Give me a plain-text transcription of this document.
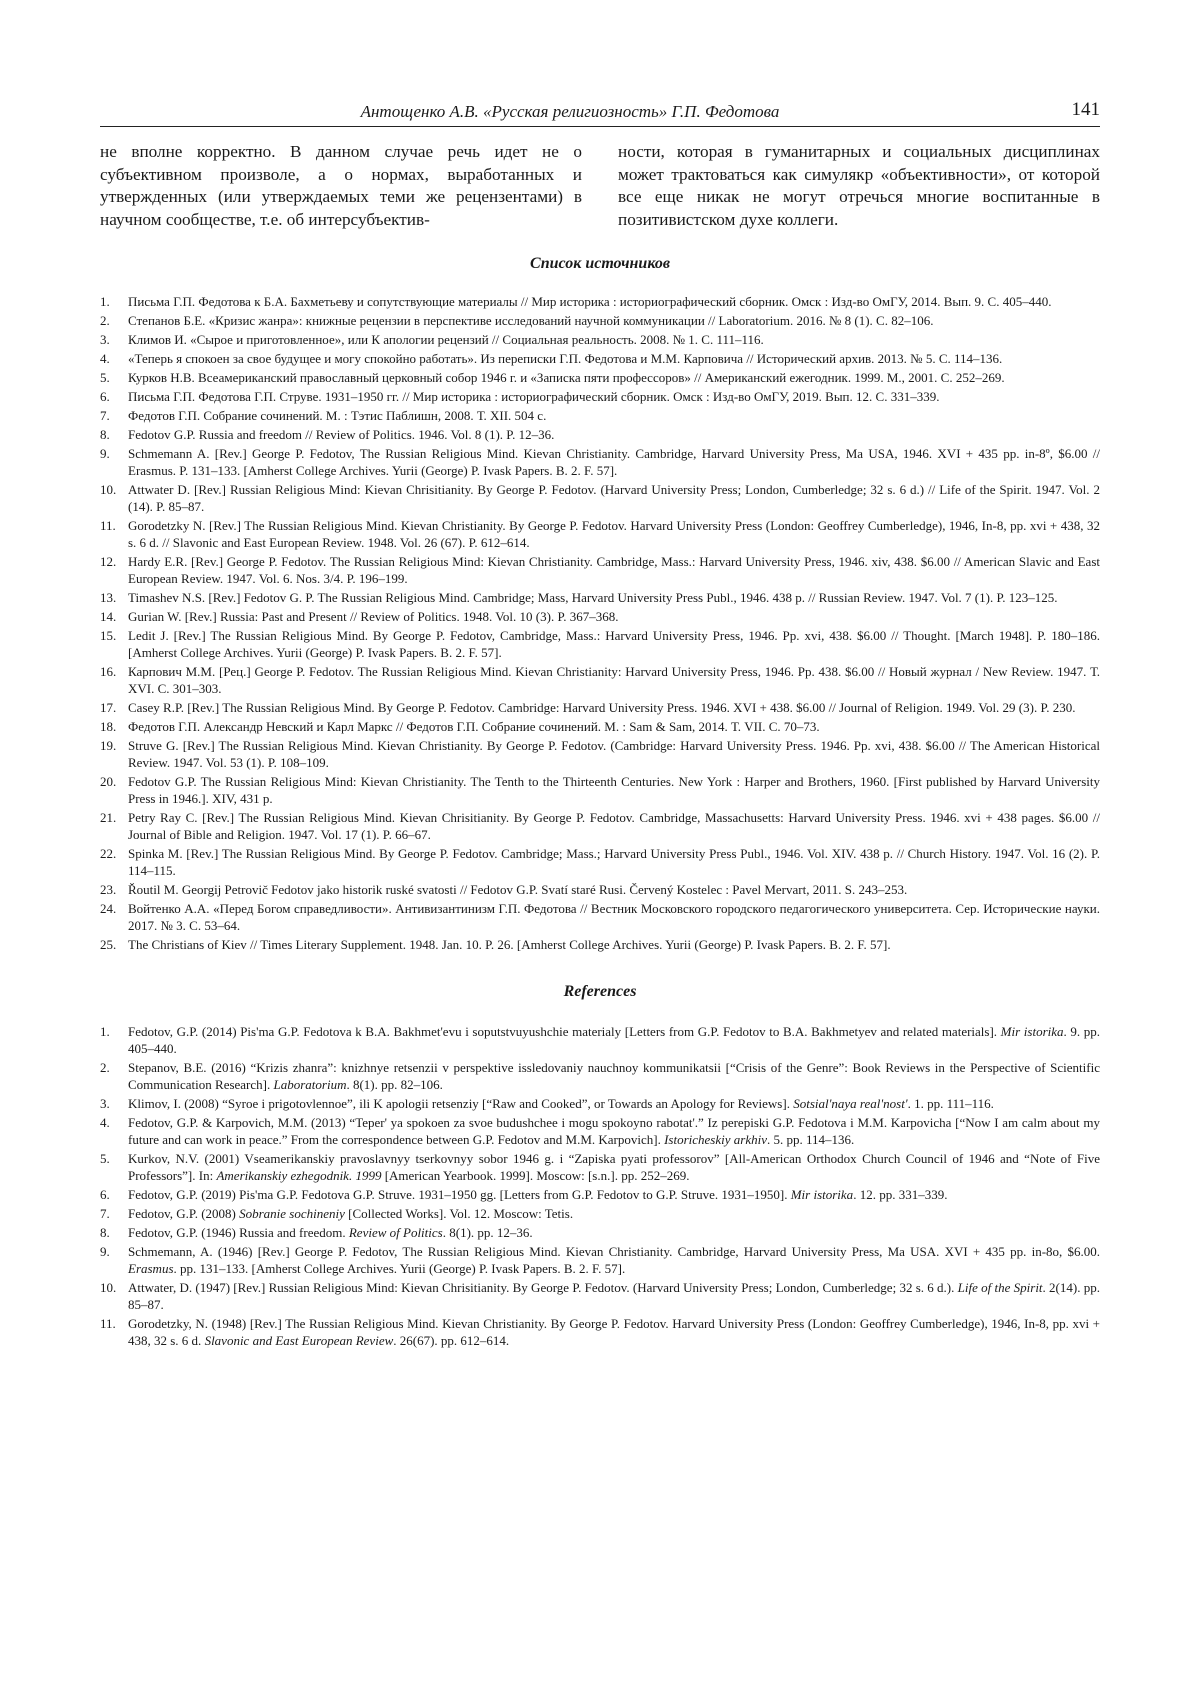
Антощенко А.В. «Русская религиозность» Г.П. Федотова	141

не вполне корректно. В данном случае речь идет не о субъективном произволе, а о нормах, выработанных и утвержденных (или утверждаемых теми же рецензентами) в научном сообществе, т.е. об интерсубъектив-

ности, которая в гуманитарных и социальных дисциплинах может трактоваться как симулякр «объективности», от которой все еще никак не могут отречься многие воспитанные в позитивистском духе коллеги.

Список источников
1.	Письма Г.П. Федотова к Б.А. Бахметьеву и сопутствующие материалы // Мир историка : историографический сборник. Омск : Изд-во ОмГУ, 2014. Вып. 9. С. 405–440.
2.	Степанов Б.Е. «Кризис жанра»: книжные рецензии в перспективе исследований научной коммуникации // Laboratorium. 2016. № 8 (1). С. 82–106.
3.	Климов И. «Сырое и приготовленное», или К апологии рецензий // Социальная реальность. 2008. № 1. С. 111–116.
4.	«Теперь я спокоен за свое будущее и могу спокойно работать». Из переписки Г.П. Федотова и М.М. Карповича // Исторический архив. 2013. № 5. С. 114–136.
5.	Курков Н.В. Всеамериканский православный церковный собор 1946 г. и «Записка пяти профессоров» // Американский ежегодник. 1999. М., 2001. С. 252–269.
6.	Письма Г.П. Федотова Г.П. Струве. 1931–1950 гг. // Мир историка : историографический сборник. Омск : Изд-во ОмГУ, 2019. Вып. 12. С. 331–339.
7.	Федотов Г.П. Собрание сочинений. М. : Тэтис Паблишн, 2008. Т. XII. 504 с.
8.	Fedotov G.P. Russia and freedom // Review of Politics. 1946. Vol. 8 (1). P. 12–36.
9.	Schmemann A. [Rev.] George P. Fedotov, The Russian Religious Mind. Kievan Christianity. Cambridge, Harvard University Press, Ma USA, 1946. XVI + 435 pp. in-8º, $6.00 // Erasmus. P. 131–133. [Amherst College Archives. Yurii (George) P. Ivask Papers. B. 2. F. 57].
10. Attwater D. [Rev.] Russian Religious Mind: Kievan Chrisitianity. By George P. Fedotov. (Harvard University Press; London, Cumberledge; 32 s. 6 d.) // Life of the Spirit. 1947. Vol. 2 (14). P. 85–87.
11. Gorodetzky N. [Rev.] The Russian Religious Mind. Kievan Christianity. By George P. Fedotov. Harvard University Press (London: Geoffrey Cumberledge), 1946, In-8, pp. xvi + 438, 32 s. 6 d. // Slavonic and East European Review. 1948. Vol. 26 (67). P. 612–614.
12. Hardy E.R. [Rev.] George P. Fedotov. The Russian Religious Mind: Kievan Christianity. Cambridge, Mass.: Harvard University Press, 1946. xiv, 438. $6.00 // American Slavic and East European Review. 1947. Vol. 6. Nos. 3/4. P. 196–199.
13. Timashev N.S. [Rev.] Fedotov G. P. The Russian Religious Mind. Cambridge; Mass, Harvard University Press Publ., 1946. 438 p. // Russian Review. 1947. Vol. 7 (1). P. 123–125.
14. Gurian W. [Rev.] Russia: Past and Present // Review of Politics. 1948. Vol. 10 (3). P. 367–368.
15. Ledit J. [Rev.] The Russian Religious Mind. By George P. Fedotov, Cambridge, Mass.: Harvard University Press, 1946. Pp. xvi, 438. $6.00 // Thought. [March 1948]. P. 180–186. [Amherst College Archives. Yurii (George) P. Ivask Papers. B. 2. F. 57].
16. Карпович М.М. [Рец.] George P. Fedotov. The Russian Religious Mind. Kievan Christianity: Harvard University Press, 1946. Pp. 438. $6.00 // Новый журнал / New Review. 1947. Т. XVI. С. 301–303.
17. Casey R.P. [Rev.] The Russian Religious Mind. By George P. Fedotov. Cambridge: Harvard University Press. 1946. XVI + 438. $6.00 // Journal of Religion. 1949. Vol. 29 (3). P. 230.
18. Федотов Г.П. Александр Невский и Карл Маркс // Федотов Г.П. Собрание сочинений. М. : Sam & Sam, 2014. Т. VII. С. 70–73.
19. Struve G. [Rev.] The Russian Religious Mind. Kievan Christianity. By George P. Fedotov. (Cambridge: Harvard University Press. 1946. Pp. xvi, 438. $6.00 // The American Historical Review. 1947. Vol. 53 (1). P. 108–109.
20. Fedotov G.P. The Russian Religious Mind: Kievan Christianity. The Tenth to the Thirteenth Centuries. New York : Harper and Brothers, 1960. [First published by Harvard University Press in 1946.]. XIV, 431 p.
21. Petry Ray C. [Rev.] The Russian Religious Mind. Kievan Chrisitianity. By George P. Fedotov. Cambridge, Massachusetts: Harvard University Press. 1946. xvi + 438 pages. $6.00 // Journal of Bible and Religion. 1947. Vol. 17 (1). P. 66–67.
22. Spinka M. [Rev.] The Russian Religious Mind. By George P. Fedotov. Cambridge; Mass.; Harvard University Press Publ., 1946. Vol. XIV. 438 p. // Church History. 1947. Vol. 16 (2). P. 114–115.
23. Řoutil M. Georgij Petrovič Fedotov jako historik ruské svatosti // Fedotov G.P. Svatí staré Rusi. Červený Kostelec : Pavel Mervart, 2011. S. 243–253.
24. Войтенко А.А. «Перед Богом справедливости». Антивизантинизм Г.П. Федотова // Вестник Московского городского педагогического университета. Сер. Исторические науки. 2017. № 3. С. 53–64.
25. The Christians of Kiev // Times Literary Supplement. 1948. Jan. 10. P. 26. [Amherst College Archives. Yurii (George) P. Ivask Papers. B. 2. F. 57].
References
1.	Fedotov, G.P. (2014) Pis'ma G.P. Fedotova k B.A. Bakhmet'evu i soputstvuyushchie materialy [Letters from G.P. Fedotov to B.A. Bakhmetyev and related materials]. Mir istorika. 9. pp. 405–440.
2.	Stepanov, B.E. (2016) “Krizis zhanra”: knizhnye retsenzii v perspektive issledovaniy nauchnoy kommunikatsii [“Crisis of the Genre”: Book Reviews in the Perspective of Scientific Communication Research]. Laboratorium. 8(1). pp. 82–106.
3.	Klimov, I. (2008) “Syroe i prigotovlennoe”, ili K apologii retsenziy [“Raw and Cooked”, or Towards an Apology for Reviews]. Sotsial'naya real'nost'. 1. pp. 111–116.
4.	Fedotov, G.P. & Karpovich, M.M. (2013) “Teper' ya spokoen za svoe budushchee i mogu spokoyno rabotat'.” Iz perepiski G.P. Fedotova i M.M. Karpovicha [“Now I am calm about my future and can work in peace.” From the correspondence between G.P. Fedotov and M.M. Karpovich]. Istoricheskiy arkhiv. 5. pp. 114–136.
5.	Kurkov, N.V. (2001) Vseamerikanskiy pravoslavnyy tserkovnyy sobor 1946 g. i “Zapiska pyati professorov” [All-American Orthodox Church Council of 1946 and “Note of Five Professors”]. In: Amerikanskiy ezhegodnik. 1999 [American Yearbook. 1999]. Moscow: [s.n.]. pp. 252–269.
6.	Fedotov, G.P. (2019) Pis'ma G.P. Fedotova G.P. Struve. 1931–1950 gg. [Letters from G.P. Fedotov to G.P. Struve. 1931–1950]. Mir istorika. 12. pp. 331–339.
7.	Fedotov, G.P. (2008) Sobranie sochineniy [Collected Works]. Vol. 12. Moscow: Tetis.
8.	Fedotov, G.P. (1946) Russia and freedom. Review of Politics. 8(1). pp. 12–36.
9.	Schmemann, A. (1946) [Rev.] George P. Fedotov, The Russian Religious Mind. Kievan Christianity. Cambridge, Harvard University Press, Ma USA. XVI + 435 pp. in-8o, $6.00. Erasmus. pp. 131–133. [Amherst College Archives. Yurii (George) P. Ivask Papers. B. 2. F. 57].
10. Attwater, D. (1947) [Rev.] Russian Religious Mind: Kievan Chrisitianity. By George P. Fedotov. (Harvard University Press; London, Cumberledge; 32 s. 6 d.). Life of the Spirit. 2(14). pp. 85–87.
11. Gorodetzky, N. (1948) [Rev.] The Russian Religious Mind. Kievan Christianity. By George P. Fedotov. Harvard University Press (London: Geoffrey Cumberledge), 1946, In-8, pp. xvi + 438, 32 s. 6 d. Slavonic and East European Review. 26(67). pp. 612–614.
